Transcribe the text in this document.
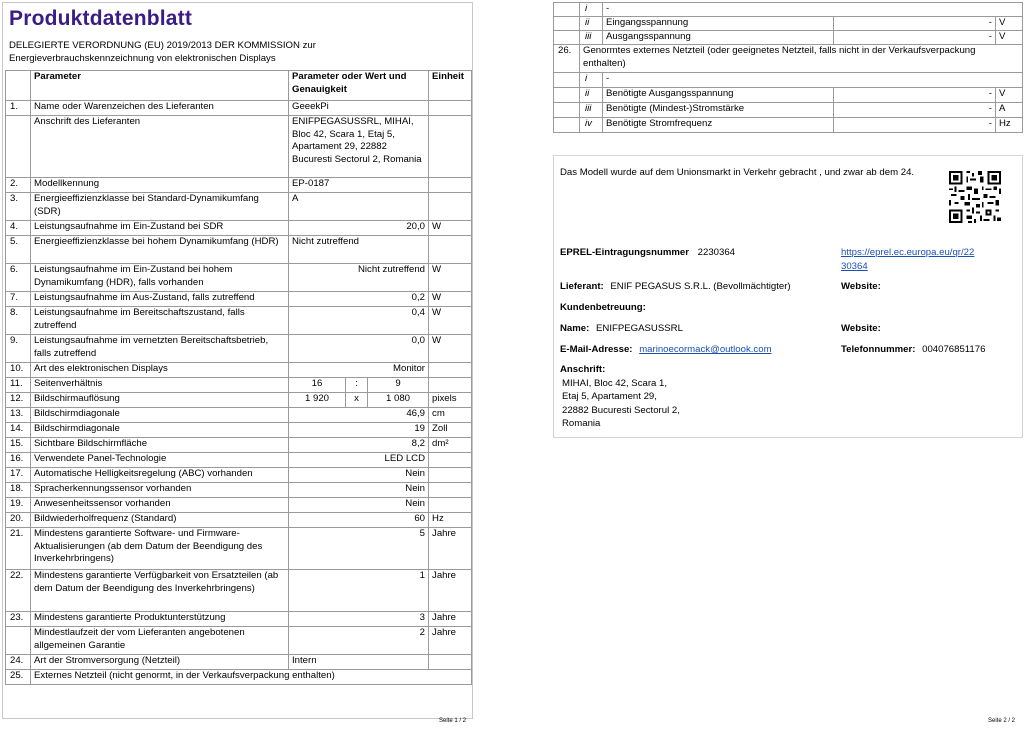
Produktdatenblatt
DELEGIERTE VERORDNUNG (EU) 2019/2013 DER KOMMISSION zur Energieverbrauchskennzeichnung von elektronischen Displays
	Parameter	Parameter oder Wert und Genauigkeit			Einheit
1.	Name oder Warenzeichen des Lieferanten	GeeekPi			
	Anschrift des Lieferanten	ENIFPEGASUSSRL, MIHAI, Bloc 42, Scara 1, Etaj 5, Apartament 29, 22882 Bucuresti Sectorul 2, Romania			
2.	Modellkennung	EP-0187			
3.	Energieeffizienzklasse bei Standard-Dynamikumfang (SDR)	A			
4.	Leistungsaufnahme im Ein-Zustand bei SDR	20,0			W
5.	Energieeffizienzklasse bei hohem Dynamikumfang (HDR)	Nicht zutreffend			
6.	Leistungsaufnahme im Ein-Zustand bei hohem Dynamikumfang (HDR), falls vorhanden	Nicht zutreffend			W
7.	Leistungsaufnahme im Aus-Zustand, falls zutreffend	0,2			W
8.	Leistungsaufnahme im Bereitschaftszustand, falls zutreffend	0,4			W
9.	Leistungsaufnahme im vernetzten Bereitschaftsbetrieb, falls zutreffend	0,0			W
10.	Art des elektronischen Displays	Monitor			
11.	Seitenverhältnis	16	:	9	
12.	Bildschirmauflösung	1 920	x	1 080	pixels
13.	Bildschirmdiagonale	46,9			cm
14.	Bildschirmdiagonale	19			Zoll
15.	Sichtbare Bildschirmfläche	8,2			dm²
16.	Verwendete Panel-Technologie	LED LCD			
17.	Automatische Helligkeitsregelung (ABC) vorhanden	Nein			
18.	Spracherkennungssensor vorhanden	Nein			
19.	Anwesenheitssensor vorhanden	Nein			
20.	Bildwiederholfrequenz (Standard)	60			Hz
21.	Mindestens garantierte Software- und Firmware-Aktualisierungen (ab dem Datum der Beendigung des Inverkehrbringens)	5			Jahre
22.	Mindestens garantierte Verfügbarkeit von Ersatzteilen (ab dem Datum der Beendigung des Inverkehrbringens)	1			Jahre
23.	Mindestens garantierte Produktunterstützung	3			Jahre
	Mindestlaufzeit der vom Lieferanten angebotenen allgemeinen Garantie	2			Jahre
24.	Art der Stromversorgung (Netzteil)	Intern			
25.	Externes Netzteil (nicht genormt, in der Verkaufsverpackung enthalten)				
Seite 1 / 2
	i	-		
	ii	Eingangsspannung	-	V
	iii	Ausgangsspannung	-	V
26.	Genormtes externes Netzteil (oder geeignetes Netzteil, falls nicht in der Verkaufsverpackung enthalten)			
	i	-		
	ii	Benötigte Ausgangsspannung	-	V
	iii	Benötigte (Mindest-)Stromstärke	-	A
	iv	Benötigte Stromfrequenz	-	Hz
Das Modell wurde auf dem Unionsmarkt in Verkehr gebracht , und zwar ab dem 24.
EPREL-Eintragungsnummer 2230364	https://eprel.ec.europa.eu/qr/22
30364
Lieferant: ENIF PEGASUS S.R.L. (Bevollmächtigter)	Website:
Kundenbetreuung:
Name: ENIFPEGASUSSRL	Website:
E-Mail-Adresse: marinoecormack@outlook.com	Telefonnummer: 004076851176
Anschrift:
MIHAI, Bloc 42, Scara 1,
Etaj 5, Apartament 29,
22882 Bucuresti Sectorul 2,
Romania
Seite 2 / 2
